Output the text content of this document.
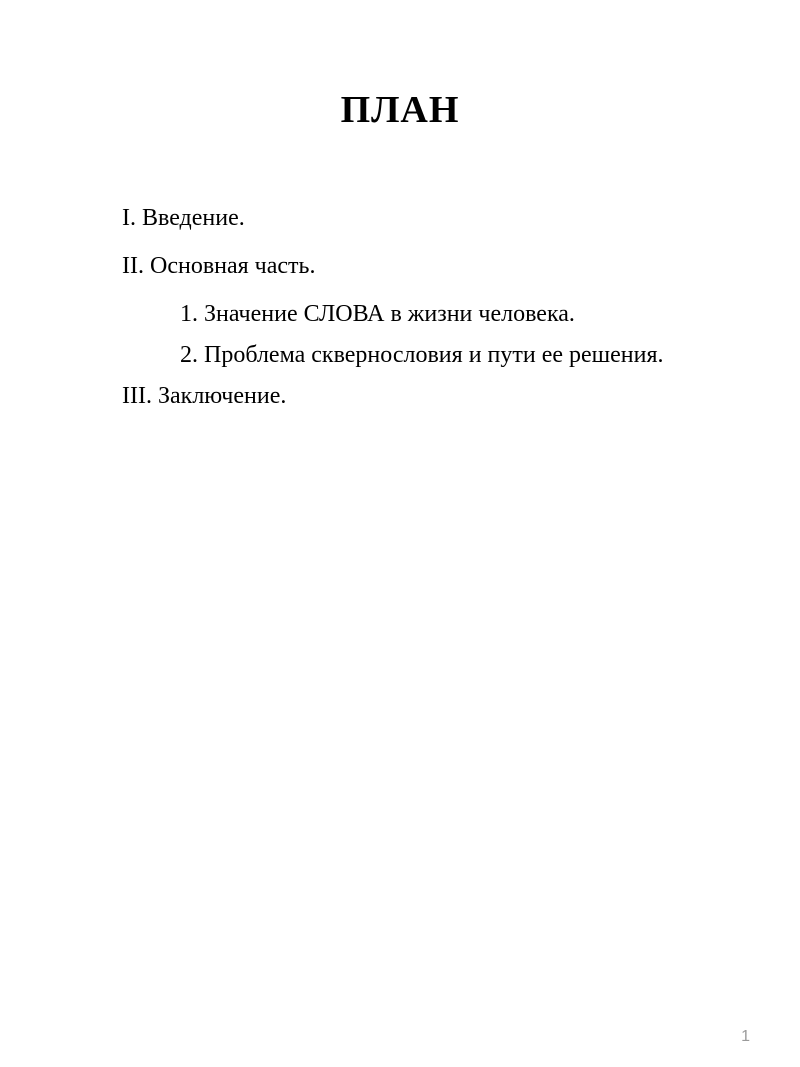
ПЛАН
I. Введение.
II. Основная часть.
1. Значение СЛОВА в жизни человека.
2. Проблема сквернословия и пути ее решения.
III. Заключение.
1
